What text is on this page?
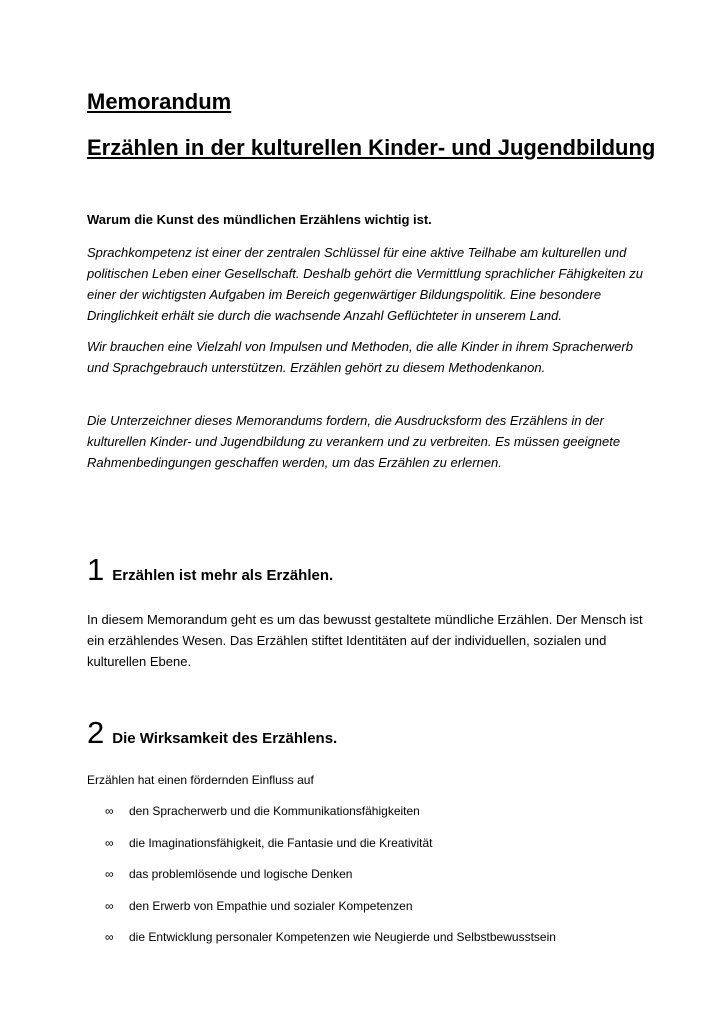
Memorandum
Erzählen in der kulturellen Kinder- und Jugendbildung

Warum die Kunst des mündlichen Erzählens wichtig ist.

Sprachkompetenz ist einer der zentralen Schlüssel für eine aktive Teilhabe am kulturellen und politischen Leben einer Gesellschaft. Deshalb gehört die Vermittlung sprachlicher Fähigkeiten zu einer der wichtigsten Aufgaben im Bereich gegenwärtiger Bildungspolitik. Eine besondere Dringlichkeit erhält sie durch die wachsende Anzahl Geflüchteter in unserem Land.

Wir brauchen eine Vielzahl von Impulsen und Methoden, die alle Kinder in ihrem Spracherwerb und Sprachgebrauch unterstützen. Erzählen gehört zu diesem Methodenkanon.

Die Unterzeichner dieses Memorandums fordern, die Ausdrucksform des Erzählens in der kulturellen Kinder- und Jugendbildung zu verankern und zu verbreiten. Es müssen geeignete Rahmenbedingungen geschaffen werden, um das Erzählen zu erlernen.

1 Erzählen ist mehr als Erzählen.

In diesem Memorandum geht es um das bewusst gestaltete mündliche Erzählen. Der Mensch ist ein erzählendes Wesen. Das Erzählen stiftet Identitäten auf der individuellen, sozialen und kulturellen Ebene.

2 Die Wirksamkeit des Erzählens.

Erzählen hat einen fördernden Einfluss auf

∞	den Spracherwerb und die Kommunikationsfähigkeiten
∞	die Imaginationsfähigkeit, die Fantasie und die Kreativität
∞	das problemlösende und logische Denken
∞	den Erwerb von Empathie und sozialer Kompetenzen
∞	die Entwicklung personaler Kompetenzen wie Neugierde und Selbstbewusstsein
